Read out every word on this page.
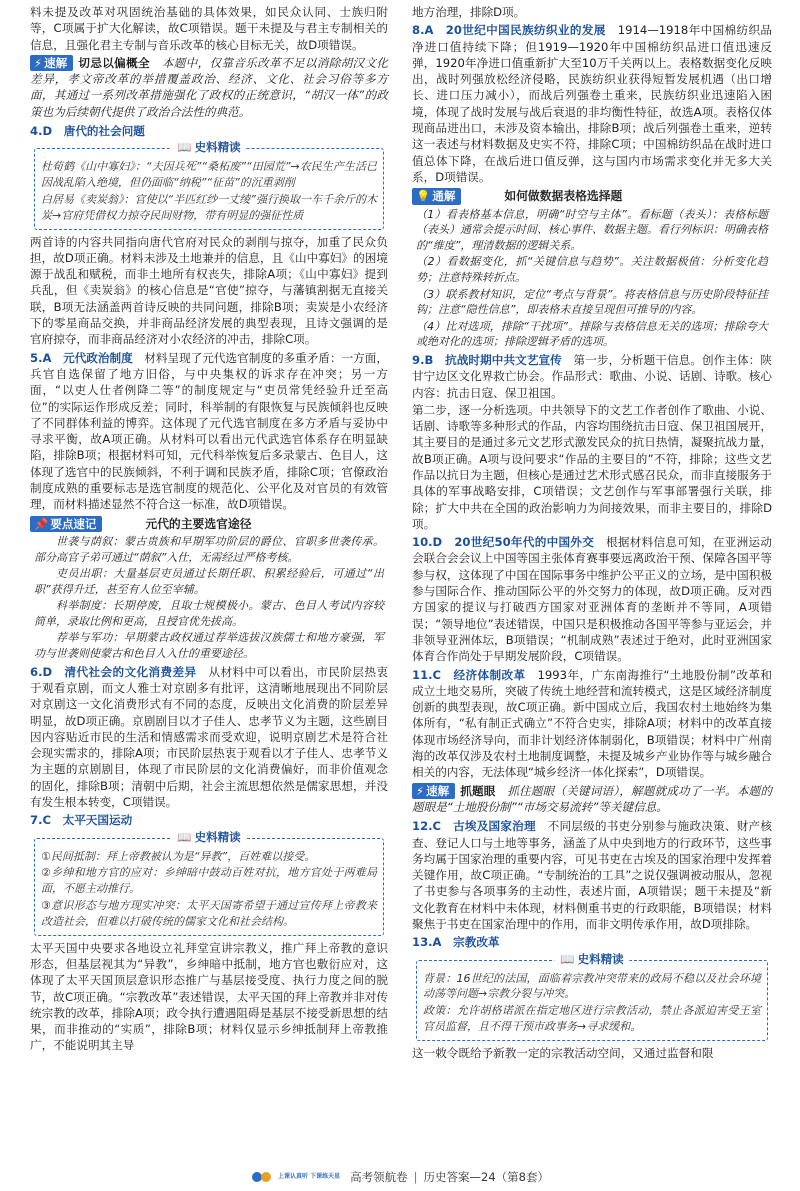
料未提及改革对巩固统治基础的具体效果，如民众认同、士族归附等，C项属于扩大化解读，故C项错误。题干未提及与君主专制相关的信息，且强化君主专制与音乐改革的核心目标无关，故D项错误。

⚡ 速解 切忌以偏概全　 本题中，仅靠音乐改革不足以消除胡汉文化差异，孝文帝改革的举措覆盖政治、经济、文化、社会习俗等多方面，其通过一系列改革措施强化了政权的正统意识，“胡汉一体”的政策也为后续朝代提供了政治合法性的典范。

4.D　 唐代的社会问题

📖 史料精读

杜荀鹤《山中寡妇》：“夫因兵死”“桑柘废”“田园荒”→农民生产生活已因战乱陷入绝境，但仍面临“纳税”“征苗”的沉重剥削

白居易《卖炭翁》：官使以“半匹红纱一丈绫”强行换取一车千余斤的木炭→官府凭借权力掠夺民间财物，带有明显的强征性质

两首诗的内容共同指向唐代官府对民众的剥削与掠夺，加重了民众负担，故D项正确。材料未涉及土地兼并的信息，且《山中寡妇》的困境源于战乱和赋税，而非土地所有权丧失，排除A项；《山中寡妇》提到兵乱，但《卖炭翁》的核心信息是“官使”掠夺，与藩镇割据无直接关联，B项无法涵盖两首诗反映的共同问题，排除B项；卖炭是小农经济下的零星商品交换，并非商品经济发展的典型表现，且诗文强调的是官府掠夺，而非商品经济对小农经济的冲击，排除C项。

5.A　 元代政治制度　 材料呈现了元代选官制度的多重矛盾：一方面，兵官自选保留了地方旧俗，与中央集权的诉求存在冲突；另一方面，“以吏人仕者例降二等”的制度规定与“吏员常凭经验升迁至高位”的实际运作形成反差；同时，科举制的有限恢复与民族倾斜也反映了不同群体利益的博弈。这体现了元代选官制度在多方矛盾与妥协中寻求平衡，故A项正确。从材料可以看出元代武选官体系存在明显缺陷，排除B项；根据材料可知，元代科举恢复后多录蒙古、色目人，这体现了选官中的民族倾斜，不利于调和民族矛盾，排除C项；官僚政治制度成熟的重要标志是选官制度的规范化、公平化及对官员的有效管理，而材料描述显然不符合这一标准，故D项错误。

📌 要点速记	元代的主要选官途径

世袭与荫叙：蒙古贵族和早期军功阶层的爵位、官职多世袭传承。部分高官子弟可通过“荫叙”入仕，无需经过严格考核。

吏员出职：大量基层吏员通过长期任职、积累经验后，可通过“出职”获得升迁，甚至有人位至宰辅。

科举制度：长期停废，且取士规模极小。蒙古、色目人考试内容较简单，录取比例和更高，且授官优先拔高。

荐举与军功：早期蒙古政权通过荐举选拔汉族儒士和地方豪强，军功与世袭则使蒙古和色目人入仕的重要途径。

6.D　 清代社会的文化消费差异　 从材料中可以看出，市民阶层热衷于观看京剧，而文人雅士对京剧多有批评，这清晰地展现出不同阶层对京剧这一文化消费形式有不同的态度，反映出文化消费的阶层差异明显，故D项正确。京剧剧目以才子佳人、忠孝节义为主题，这些剧目因内容贴近市民的生活和情感需求而受欢迎，说明京剧艺术是符合社会现实需求的，排除A项；市民阶层热衷于观看以才子佳人、忠孝节义为主题的京剧剧目，体现了市民阶层的文化消费偏好，而非价值观念的固化，排除B项；清朝中后期，社会主流思想依然是儒家思想，并没有发生根本转变，C项错误。

7.C　 太平天国运动

📖 史料精读

①民间抵制：拜上帝教被认为是“异教”，百姓难以接受。

②乡绅和地方官的应对：乡绅暗中鼓动百姓对抗，地方官处于两难局面，不愿主动推行。

③意识形态与地方现实冲突：太平天国寄希望于通过宣传拜上帝教来改造社会，但难以打破传统的儒家文化和社会结构。

太平天国中央要求各地设立礼拜堂宣讲宗教义，推广拜上帝教的意识形态，但基层视其为“异教”，乡绅暗中抵制，地方官也敷衍应对，这体现了太平天国顶层意识形态推广与基层接受度、执行力度之间的脱节，故C项正确。“宗教改革”表述错误，太平天国的拜上帝教并非对传统宗教的改革，排除A项；政令执行遭遇阻碍是基层不接受新思想的结果，而非推动的“实质”，排除B项；材料仅显示乡绅抵制拜上帝教推广，不能说明其主导

地方治理，排除D项。

8.A　 20世纪中国民族纺织业的发展　 1914—1918年中国棉纺织品净进口值持续下降；但1919—1920年中国棉纺织品进口值迅速反弹，1920年净进口值重新扩大至10万千关两以上。表格数据变化反映出，战时列强放松经济侵略，民族纺织业获得短暂发展机遇（出口增长、进口压力减小），而战后列强卷土重来，民族纺织业迅速陷入困境，体现了战时发展与战后衰退的非均衡性特征，故选A项。表格仅体现商品进出口，未涉及资本输出，排除B项；战后列强卷土重来，逆转这一表述与材料数据及史实不符，排除C项；中国棉纺织品在战时进口值总体下降，在战后进口值反弹，这与国内市场需求变化并无多大关系，D项错误。

💡 通解	如何做数据表格选择题

（1）看表格基本信息，明确“时空与主体”。看标题（表头）：表格标题（表头）通常会提示时间、核心事件、数据主题。看行列标识：明确表格的“维度”，理清数据的逻辑关系。

（2）看数据变化，抓“关键信息与趋势”。关注数据极值：分析变化趋势；注意特殊转折点。

（3）联系教材知识，定位“考点与背景”。将表格信息与历史阶段特征挂钩；注意“隐性信息”，即表格未直接呈现但可推导的内容。

（4）比对选项，排除“干扰项”。排除与表格信息无关的选项；排除夸大或绝对化的选项；排除逻辑矛盾的选项。

9.B　 抗战时期中共文艺宣传　 第一步，分析题干信息。创作主体：陕甘宁边区文化界救亡协会。作品形式：歌曲、小说、话剧、诗歌。核心内容：抗击日寇、保卫祖国。

第二步，逐一分析选项。中共领导下的文艺工作者创作了歌曲、小说、话剧、诗歌等多种形式的作品，内容均围绕抗击日寇、保卫祖国展开，其主要目的是通过多元文艺形式激发民众的抗日热情，凝聚抗战力量，故B项正确。A项与设问要求“作品的主要目的”不符，排除；这些文艺作品以抗日为主题，但核心是通过艺术形式感召民众，而非直接服务于具体的军事战略安排，C项错误；文艺创作与军事部署强行关联，排除；扩大中共在全国的政治影响力为间接效果，而非主要目的，排除D项。

10.D　 20世纪50年代的中国外交　 根据材料信息可知，在亚洲运动会联合会会议上中国等国主张体育赛事要远离政治干预、保障各国平等参与权，这体现了中国在国际事务中维护公平正义的立场，是中国积极参与国际合作、推动国际公平的外交努力的体现，故D项正确。反对西方国家的提议与打破西方国家对亚洲体育的垄断并不等同，A项错误；“领导地位”表述错误，中国只是积极推动各国平等参与亚运会，并非领导亚洲体坛，B项错误；“机制成熟”表述过于绝对，此时亚洲国家体育合作尚处于早期发展阶段，C项错误。

11.C　 经济体制改革　 1993年，广东南海推行“土地股份制”改革和成立土地交易所，突破了传统土地经营和流转模式，这是区域经济制度创新的典型表现，故C项正确。新中国成立后，我国农村土地始终为集体所有，“私有制正式确立”不符合史实，排除A项；材料中的改革直接体现市场经济导向，而非计划经济体制弱化，B项错误；材料中广州南海的改革仅涉及农村土地制度调整，未提及城乡产业协作等与城乡融合相关的内容，无法体现“城乡经济一体化探索”，D项错误。

⚡ 速解 抓题眼　 抓住题眼（关键词语），解题就成功了一半。本题的题眼是“土地股份制”“市场交易流转”等关键信息。

12.C　 古埃及国家治理　 不同层级的书吏分别参与施政决策、财产核查、登记人口与土地等事务，涵盖了从中央到地方的行政环节，这些事务均属于国家治理的重要内容，可见书吏在古埃及的国家治理中发挥着关键作用，故C项正确。“专制统治的工具”之说仅强调被动服从，忽视了书吏参与各项事务的主动性，表述片面，A项错误；题干未提及“新文化教育在材料中未体现，材料侧重书吏的行政职能，B项错误；材料聚焦于书吏在国家治理中的作用，而非文明传承作用，故D项排除。

13.A　 宗教改革

📖 史料精读

背景：16世纪的法国，面临着宗教冲突带来的政局不稳以及社会环境动荡等问题→宗教分裂与冲突。

政策：允许胡格诺派在指定地区进行宗教活动，禁止各派迫害受王室官员监督，且不得干预市政事务→寻求缓和。

这一敕令既给予新教一定的宗教活动空间，又通过监督和限

上课认真听 下课练天星 高考领航卷 | 历史答案—24（第8套）
